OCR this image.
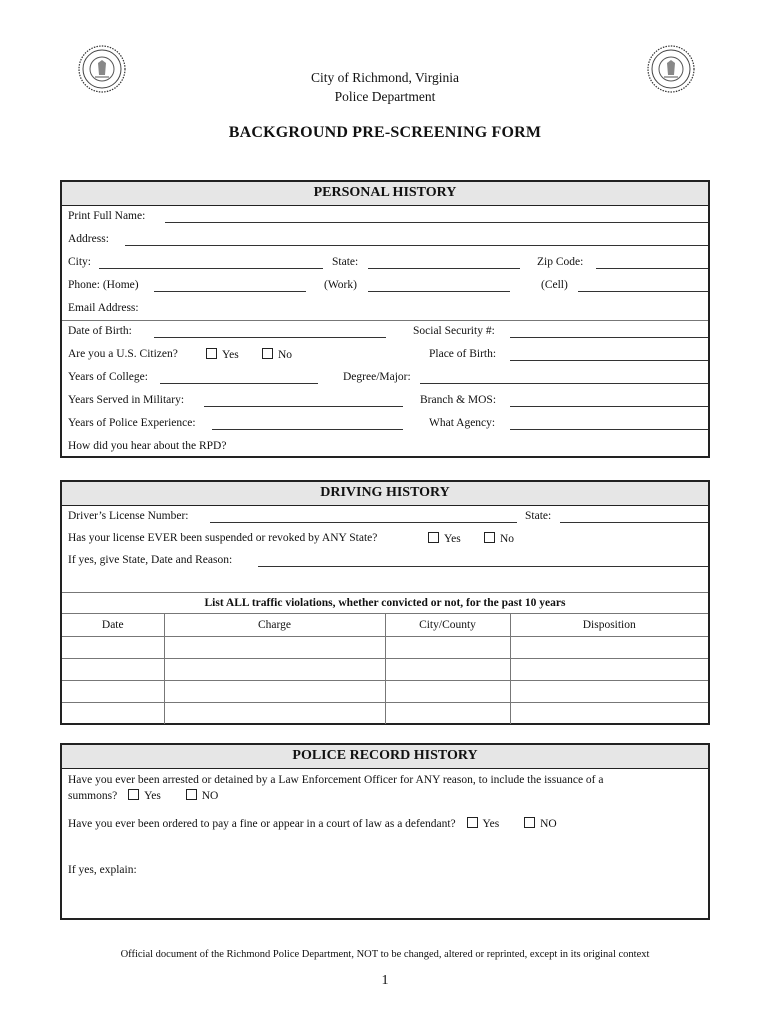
City of Richmond, Virginia
Police Department
BACKGROUND PRE-SCREENING FORM
PERSONAL HISTORY
Print Full Name:
Address:
City:	State:	Zip Code:
Phone: (Home)	(Work)	(Cell)
Email Address:
Date of Birth:	Social Security #:
Are you a U.S. Citizen?	Yes	No	Place of Birth:
Years of College:	Degree/Major:
Years Served in Military:	Branch & MOS:
Years of Police Experience:	What Agency:
How did you hear about the RPD?
DRIVING HISTORY
Driver’s License Number:	State:
Has your license EVER been suspended or revoked by ANY State?	Yes	No
If yes, give State, Date and Reason:
List ALL traffic violations, whether convicted or not, for the past 10 years
Date	Charge	City/County	Disposition

POLICE RECORD HISTORY
Have you ever been arrested or detained by a Law Enforcement Officer for ANY reason, to include the issuance of a
summons? Yes	NO
Have you ever been ordered to pay a fine or appear in a court of law as a defendant? Yes	NO
If yes, explain:
Official document of the Richmond Police Department, NOT to be changed, altered or reprinted, except in its original context
1
